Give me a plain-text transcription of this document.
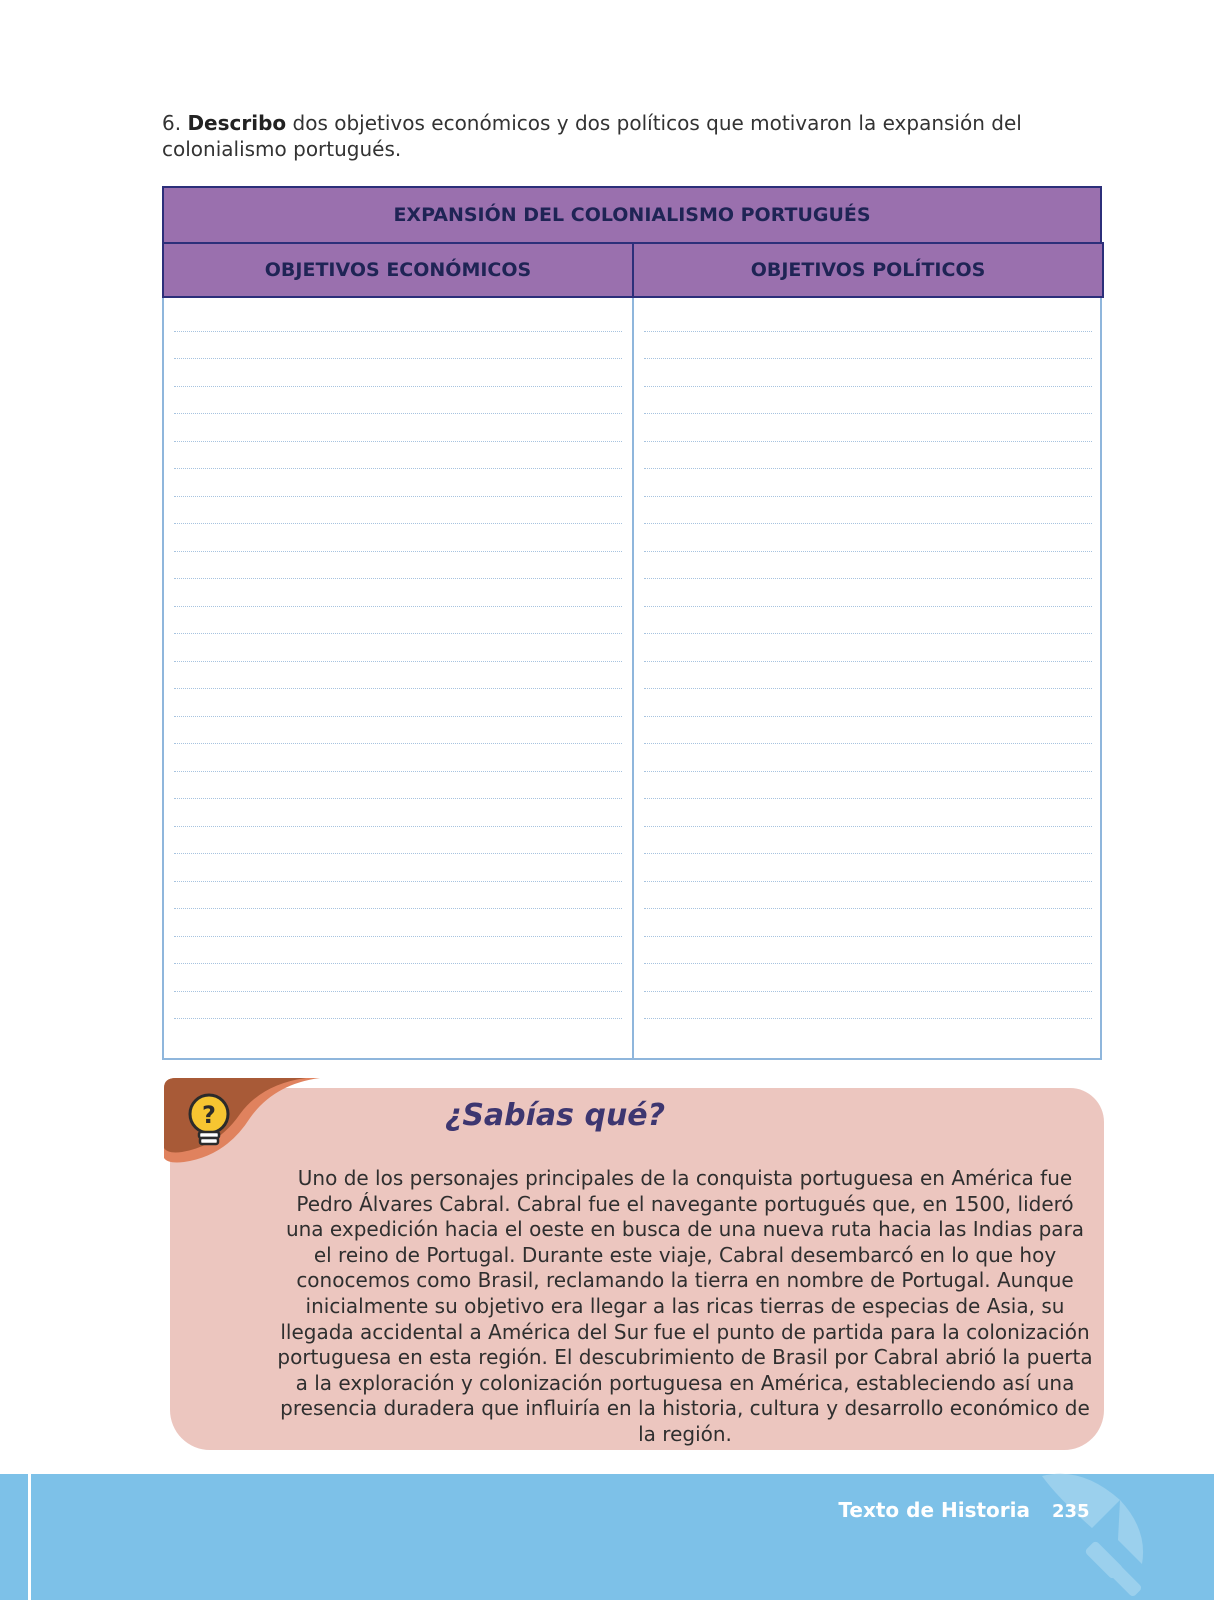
6. Describo dos objetivos económicos y dos políticos que motivaron la expansión del colonialismo portugués.
EXPANSIÓN DEL COLONIALISMO PORTUGUÉS
OBJETIVOS ECONÓMICOS	OBJETIVOS POLÍTICOS
?	¿Sabías qué?
Uno de los personajes principales de la conquista portuguesa en América fue Pedro Álvares Cabral. Cabral fue el navegante portugués que, en 1500, lideró una expedición hacia el oeste en busca de una nueva ruta hacia las Indias para el reino de Portugal. Durante este viaje, Cabral desembarcó en lo que hoy conocemos como Brasil, reclamando la tierra en nombre de Portugal. Aunque inicialmente su objetivo era llegar a las ricas tierras de especias de Asia, su llegada accidental a América del Sur fue el punto de partida para la colonización portuguesa en esta región. El descubrimiento de Brasil por Cabral abrió la puerta a la exploración y colonización portuguesa en América, estableciendo así una presencia duradera que influiría en la historia, cultura y desarrollo económico de la región.
Texto de Historia 235
